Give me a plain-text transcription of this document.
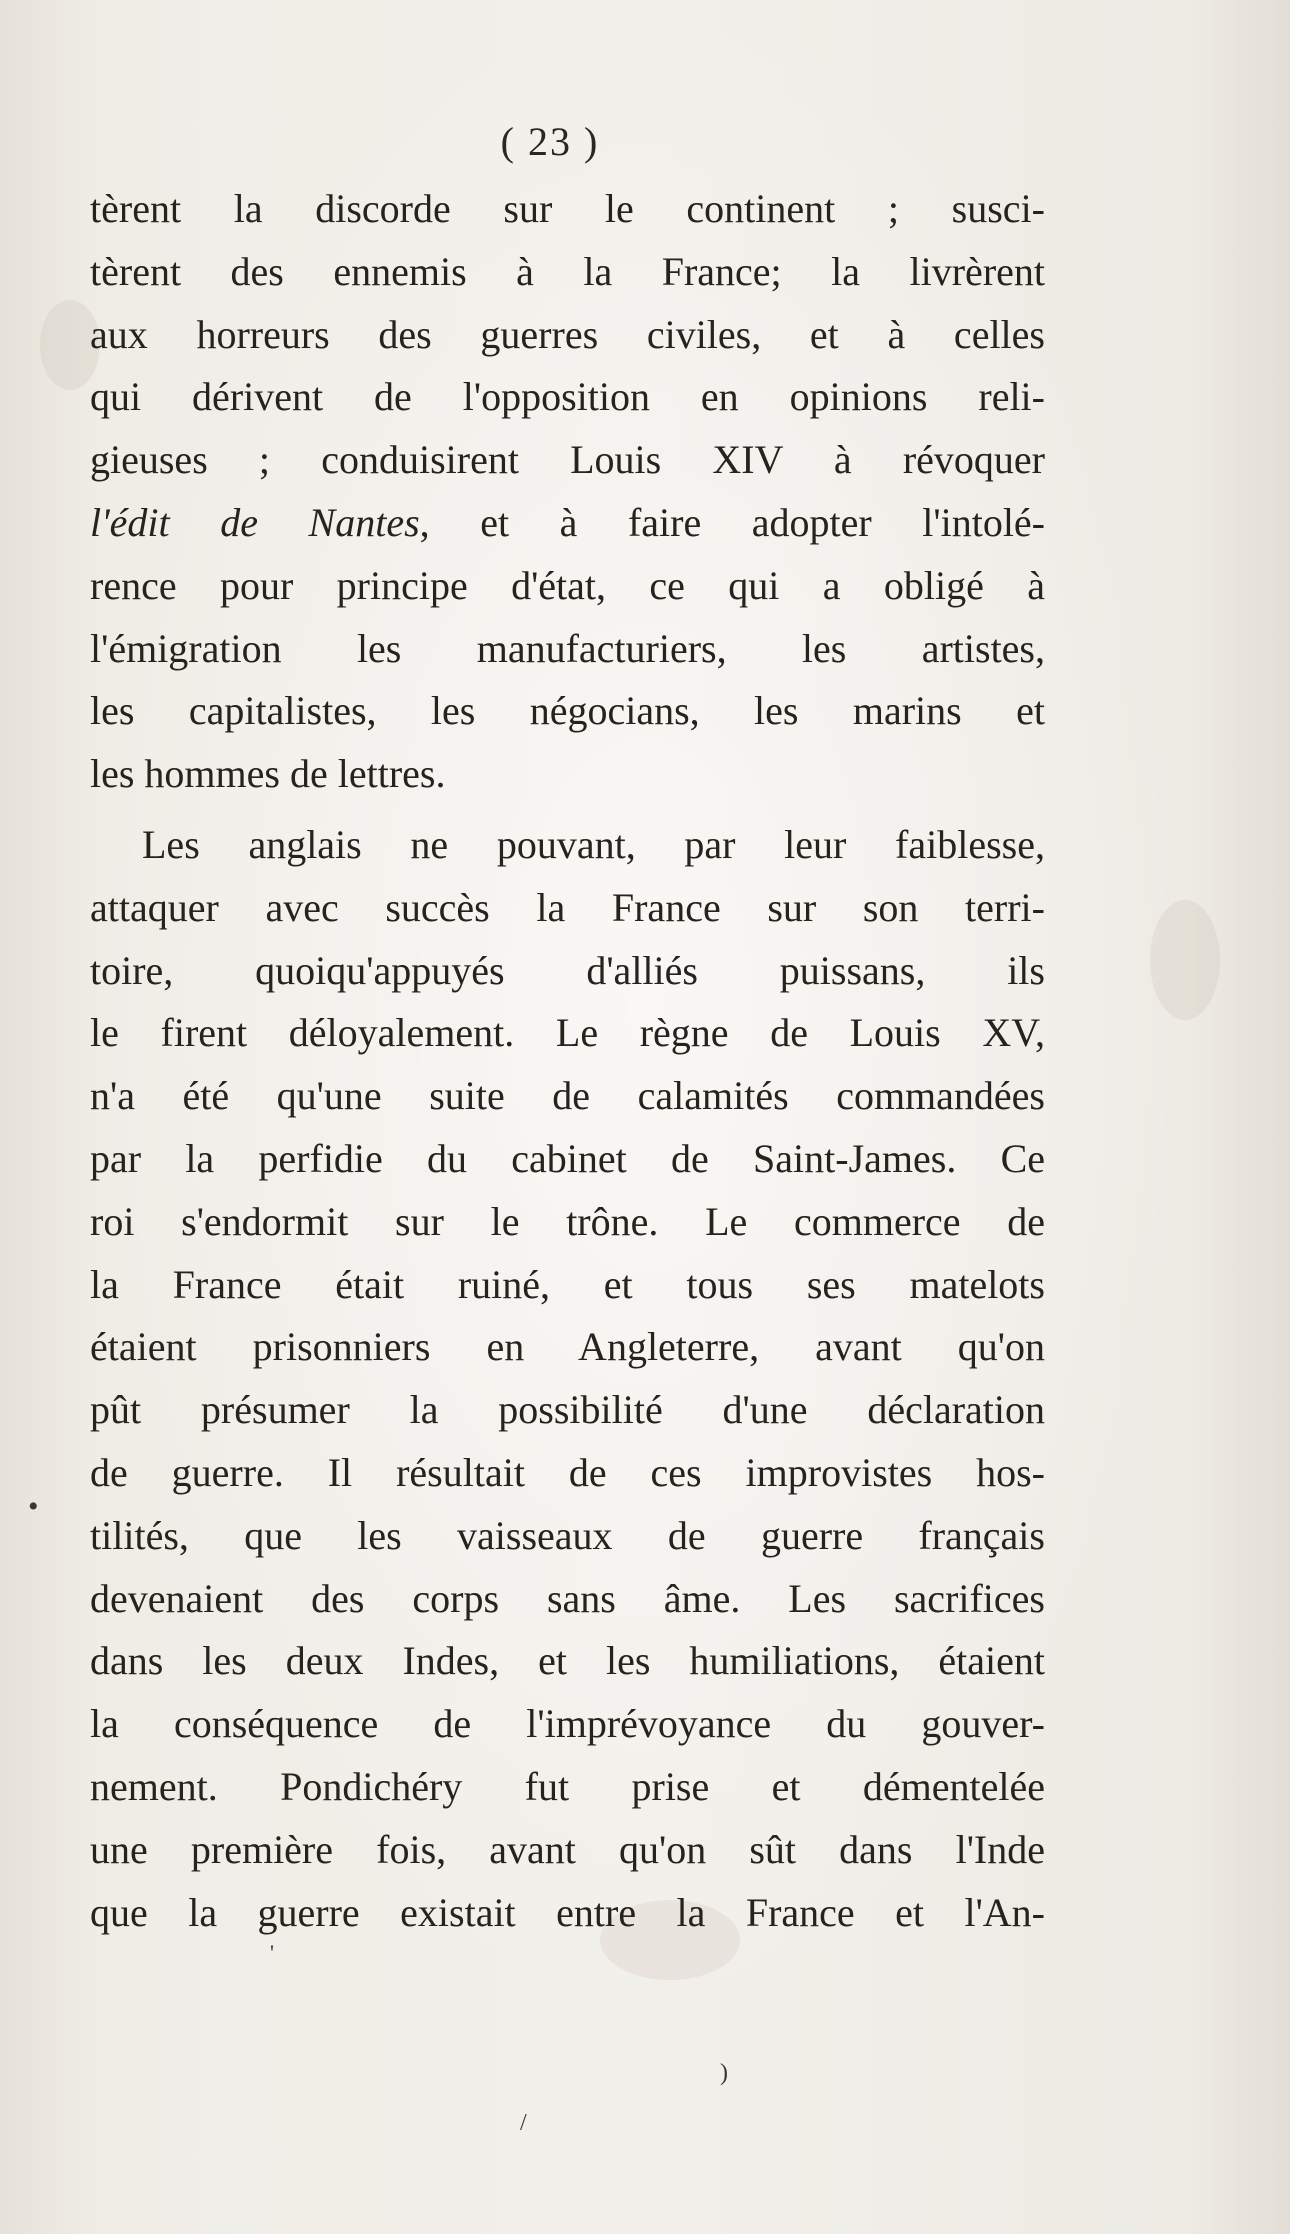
( 23 )
tèrent la discorde sur le continent ; susci-
tèrent des ennemis à la France; la livrèrent
aux horreurs des guerres civiles, et à celles
qui dérivent de l'opposition en opinions reli-
gieuses ; conduisirent Louis XIV à révoquer
l'édit de Nantes, et à faire adopter l'intolé-
rence pour principe d'état, ce qui a obligé à
l'émigration les manufacturiers, les artistes,
les capitalistes, les négocians, les marins et
les hommes de lettres.
Les anglais ne pouvant, par leur faiblesse,
attaquer avec succès la France sur son terri-
toire, quoiqu'appuyés d'alliés puissans, ils
le firent déloyalement. Le règne de Louis XV,
n'a été qu'une suite de calamités commandées
par la perfidie du cabinet de Saint-James. Ce
roi s'endormit sur le trône. Le commerce de
la France était ruiné, et tous ses matelots
étaient prisonniers en Angleterre, avant qu'on
pût présumer la possibilité d'une déclaration
de guerre. Il résultait de ces improvistes hos-
tilités, que les vaisseaux de guerre français
devenaient des corps sans âme. Les sacrifices
dans les deux Indes, et les humiliations, étaient
la conséquence de l'imprévoyance du gouver-
nement. Pondichéry fut prise et démentelée
une première fois, avant qu'on sût dans l'Inde
que la guerre existait entre la France et l'An-
•
'
/
)
